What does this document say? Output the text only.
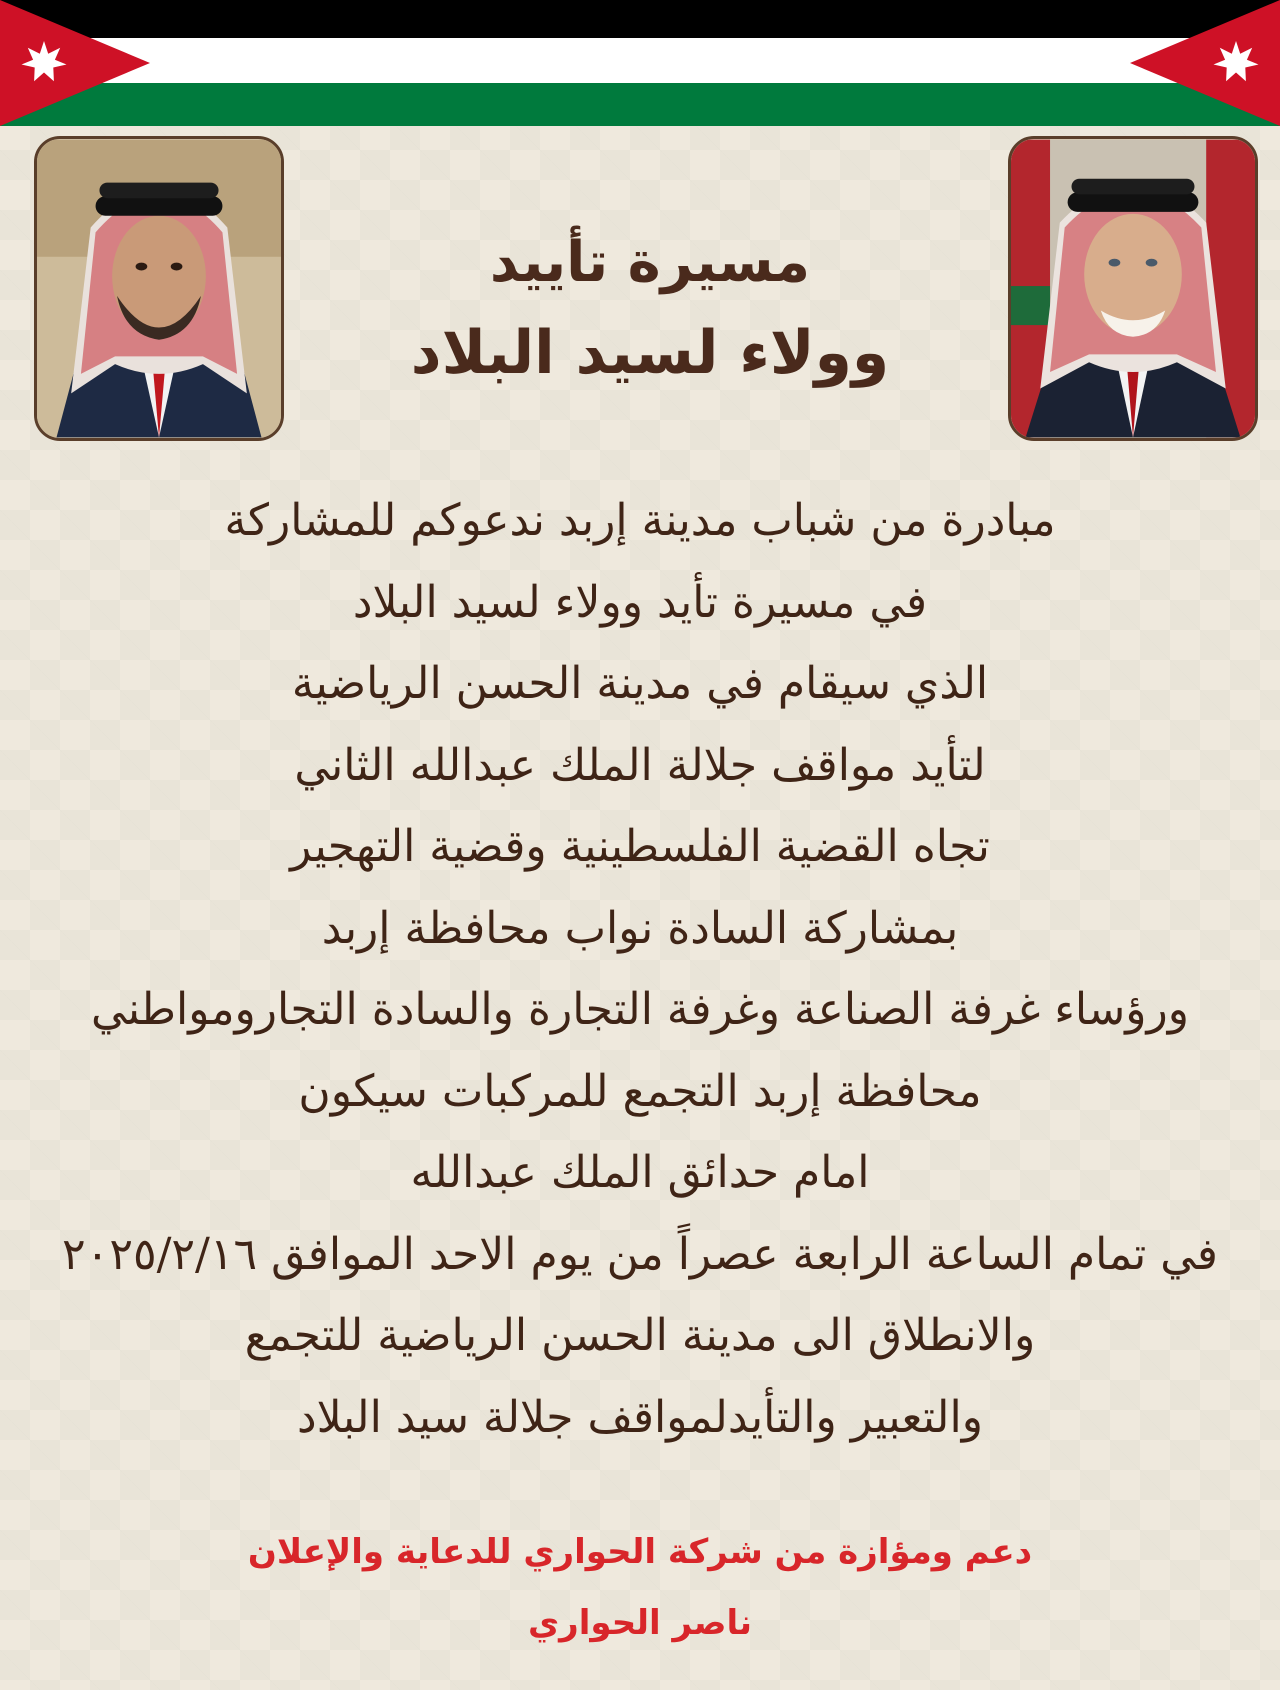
مسيرة تأييد
وولاء لسيد البلاد
مبادرة من شباب مدينة إربد ندعوكم للمشاركة
في مسيرة تأيد وولاء لسيد البلاد
الذي سيقام في مدينة الحسن الرياضية
لتأيد مواقف جلالة الملك عبدالله الثاني
تجاه القضية الفلسطينية وقضية التهجير
بمشاركة السادة نواب محافظة إربد
ورؤساء غرفة الصناعة وغرفة التجارة والسادة التجارومواطني
محافظة إربد التجمع للمركبات سيكون
امام حدائق الملك عبدالله
في تمام الساعة الرابعة عصراً من يوم الاحد الموافق ٢٠٢٥/٢/١٦
والانطلاق الى مدينة الحسن الرياضية للتجمع
والتعبير والتأيدلمواقف جلالة سيد البلاد
دعم ومؤازة من شركة الحواري للدعاية والإعلان
ناصر الحواري
